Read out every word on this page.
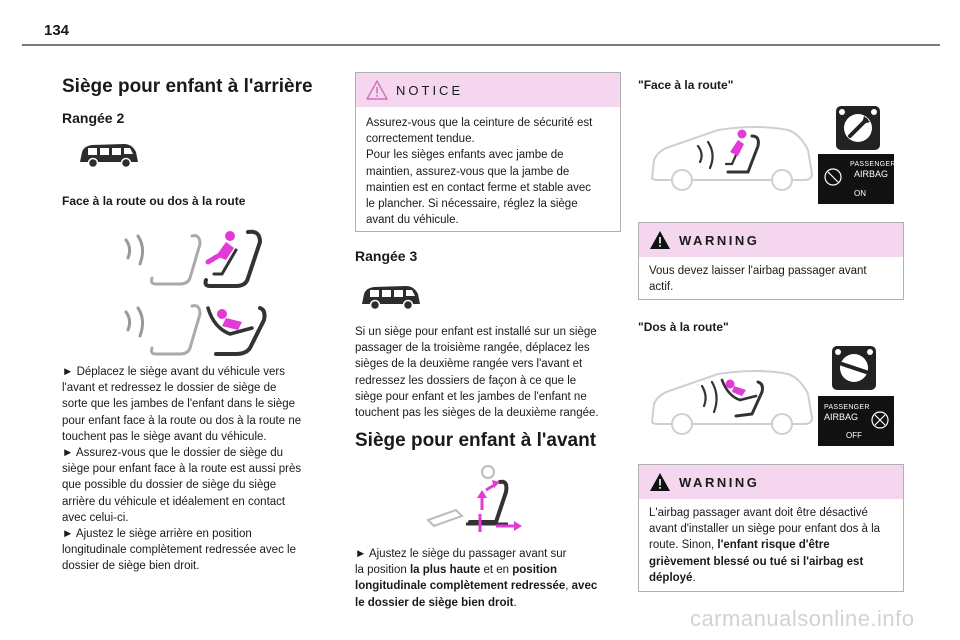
134
Siège pour enfant à l'arrière
Rangée 2
Face à la route ou dos à la route
► Déplacez le siège avant du véhicule vers
l'avant et redressez le dossier de siège de
sorte que les jambes de l'enfant dans le siège
pour enfant face à la route ou dos à la route ne
touchent pas le siège avant du véhicule.
► Assurez-vous que le dossier de siège du
siège pour enfant face à la route est aussi près
que possible du dossier de siège du siège
arrière du véhicule et idéalement en contact
avec celui-ci.
► Ajustez le siège arrière en position
longitudinale complètement redressée avec le
dossier de siège bien droit.
NOTICE
Assurez-vous que la ceinture de sécurité est
correctement tendue.
Pour les sièges enfants avec jambe de
maintien, assurez-vous que la jambe de
maintien est en contact ferme et stable avec
le plancher. Si nécessaire, réglez la siège
avant du véhicule.
Rangée 3
Si un siège pour enfant est installé sur un siège
passager de la troisième rangée, déplacez les
sièges de la deuxième rangée vers l'avant et
redressez les dossiers de façon à ce que le
siège pour enfant et les jambes de l'enfant ne
touchent pas les sièges de la deuxième rangée.
Siège pour enfant à l'avant
► Ajustez le siège du passager avant sur
la position la plus haute et en position
longitudinale complètement redressée, avec
le dossier de siège bien droit.
"Face à la route"
PASSENGER
AIRBAG
ON
WARNING
Vous devez laisser l'airbag passager avant
actif.
"Dos à la route"
PASSENGER
AIRBAG
OFF
WARNING
L'airbag passager avant doit être désactivé
avant d'installer un siège pour enfant dos à la
route. Sinon, l'enfant risque d'être
grièvement blessé ou tué si l'airbag est
déployé.
carmanualsonline.info
